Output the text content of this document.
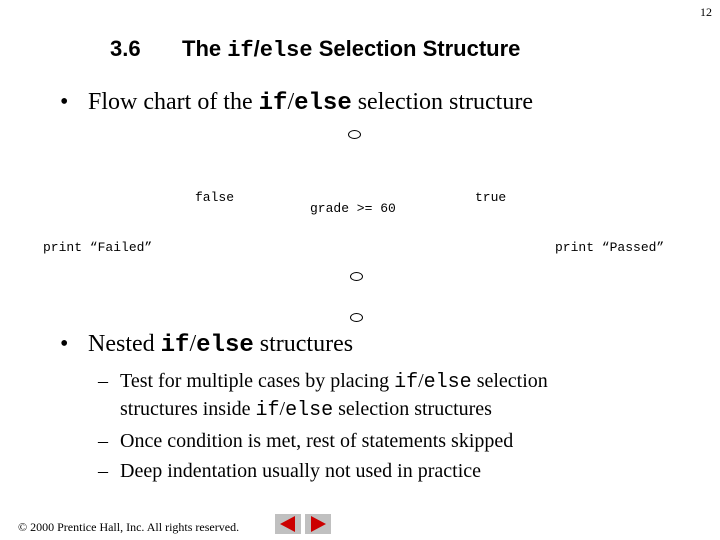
12
3.6 The if/else Selection Structure
• Flow chart of the if/else selection structure
false
grade >= 60
true
print “Failed”	print “Passed”
• Nested if/else structures
– Test for multiple cases by placing if/else selection
structures inside if/else selection structures
– Once condition is met, rest of statements skipped
– Deep indentation usually not used in practice
© 2000 Prentice Hall, Inc. All rights reserved.
